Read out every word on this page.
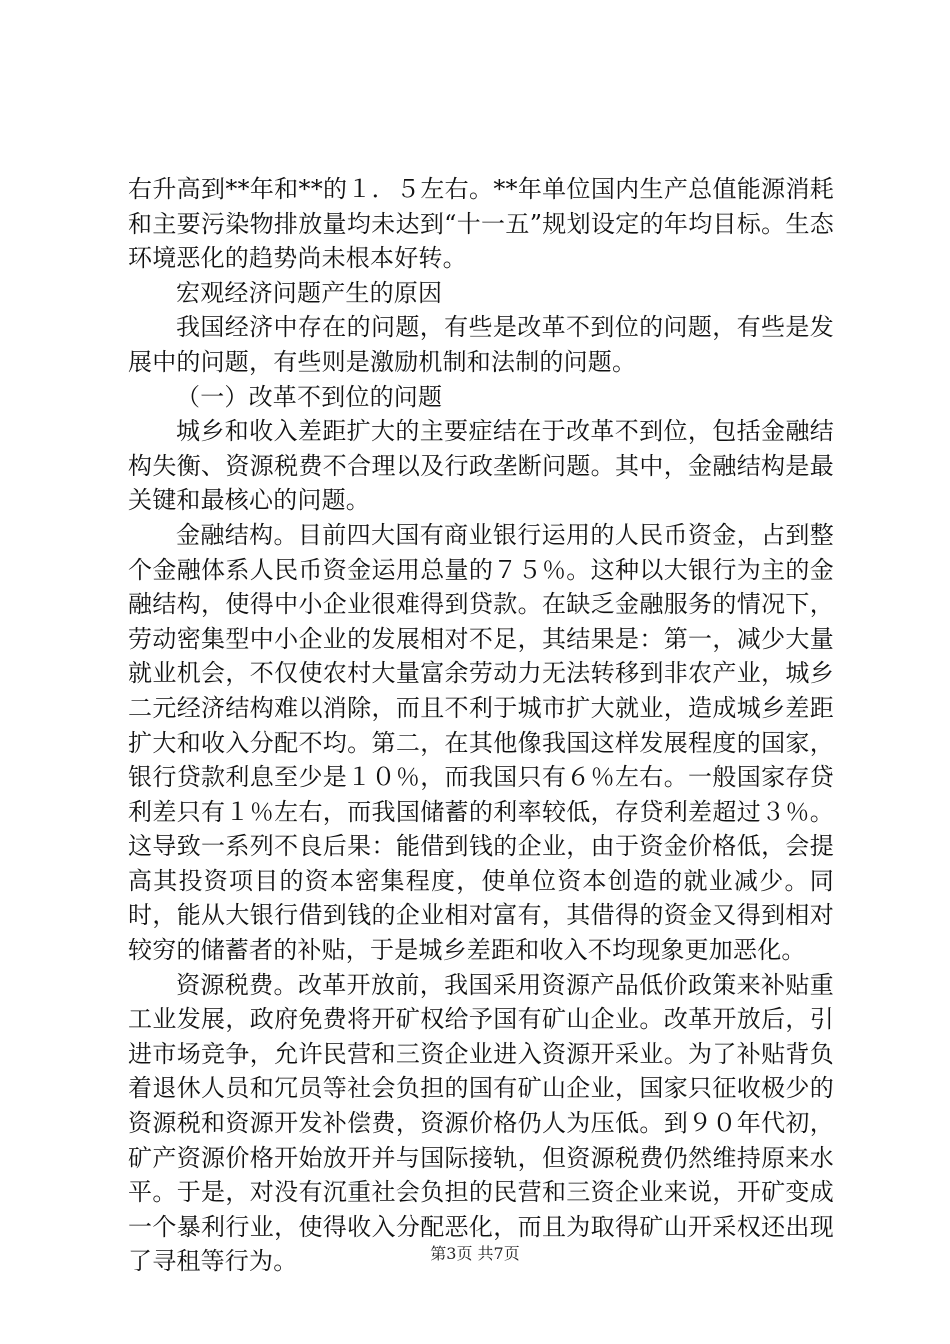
右升高到**年和**的１．５左右。**年单位国内生产总值能源消耗和主要污染物排放量均未达到“十一五”规划设定的年均目标。生态环境恶化的趋势尚未根本好转。

宏观经济问题产生的原因

我国经济中存在的问题，有些是改革不到位的问题，有些是发展中的问题，有些则是激励机制和法制的问题。

（一）改革不到位的问题

城乡和收入差距扩大的主要症结在于改革不到位，包括金融结构失衡、资源税费不合理以及行政垄断问题。其中，金融结构是最关键和最核心的问题。

金融结构。目前四大国有商业银行运用的人民币资金，占到整个金融体系人民币资金运用总量的７５％。这种以大银行为主的金融结构，使得中小企业很难得到贷款。在缺乏金融服务的情况下，劳动密集型中小企业的发展相对不足，其结果是：第一，减少大量就业机会，不仅使农村大量富余劳动力无法转移到非农产业，城乡二元经济结构难以消除，而且不利于城市扩大就业，造成城乡差距扩大和收入分配不均。第二，在其他像我国这样发展程度的国家，银行贷款利息至少是１０％，而我国只有６％左右。一般国家存贷利差只有１％左右，而我国储蓄的利率较低，存贷利差超过３％。这导致一系列不良后果：能借到钱的企业，由于资金价格低，会提高其投资项目的资本密集程度，使单位资本创造的就业减少。同时，能从大银行借到钱的企业相对富有，其借得的资金又得到相对较穷的储蓄者的补贴，于是城乡差距和收入不均现象更加恶化。

资源税费。改革开放前，我国采用资源产品低价政策来补贴重工业发展，政府免费将开矿权给予国有矿山企业。改革开放后，引进市场竞争，允许民营和三资企业进入资源开采业。为了补贴背负着退休人员和冗员等社会负担的国有矿山企业，国家只征收极少的资源税和资源开发补偿费，资源价格仍人为压低。到９０年代初，矿产资源价格开始放开并与国际接轨，但资源税费仍然维持原来水平。于是，对没有沉重社会负担的民营和三资企业来说，开矿变成一个暴利行业，使得收入分配恶化，而且为取得矿山开采权还出现了寻租等行为。	第3页 共7页
